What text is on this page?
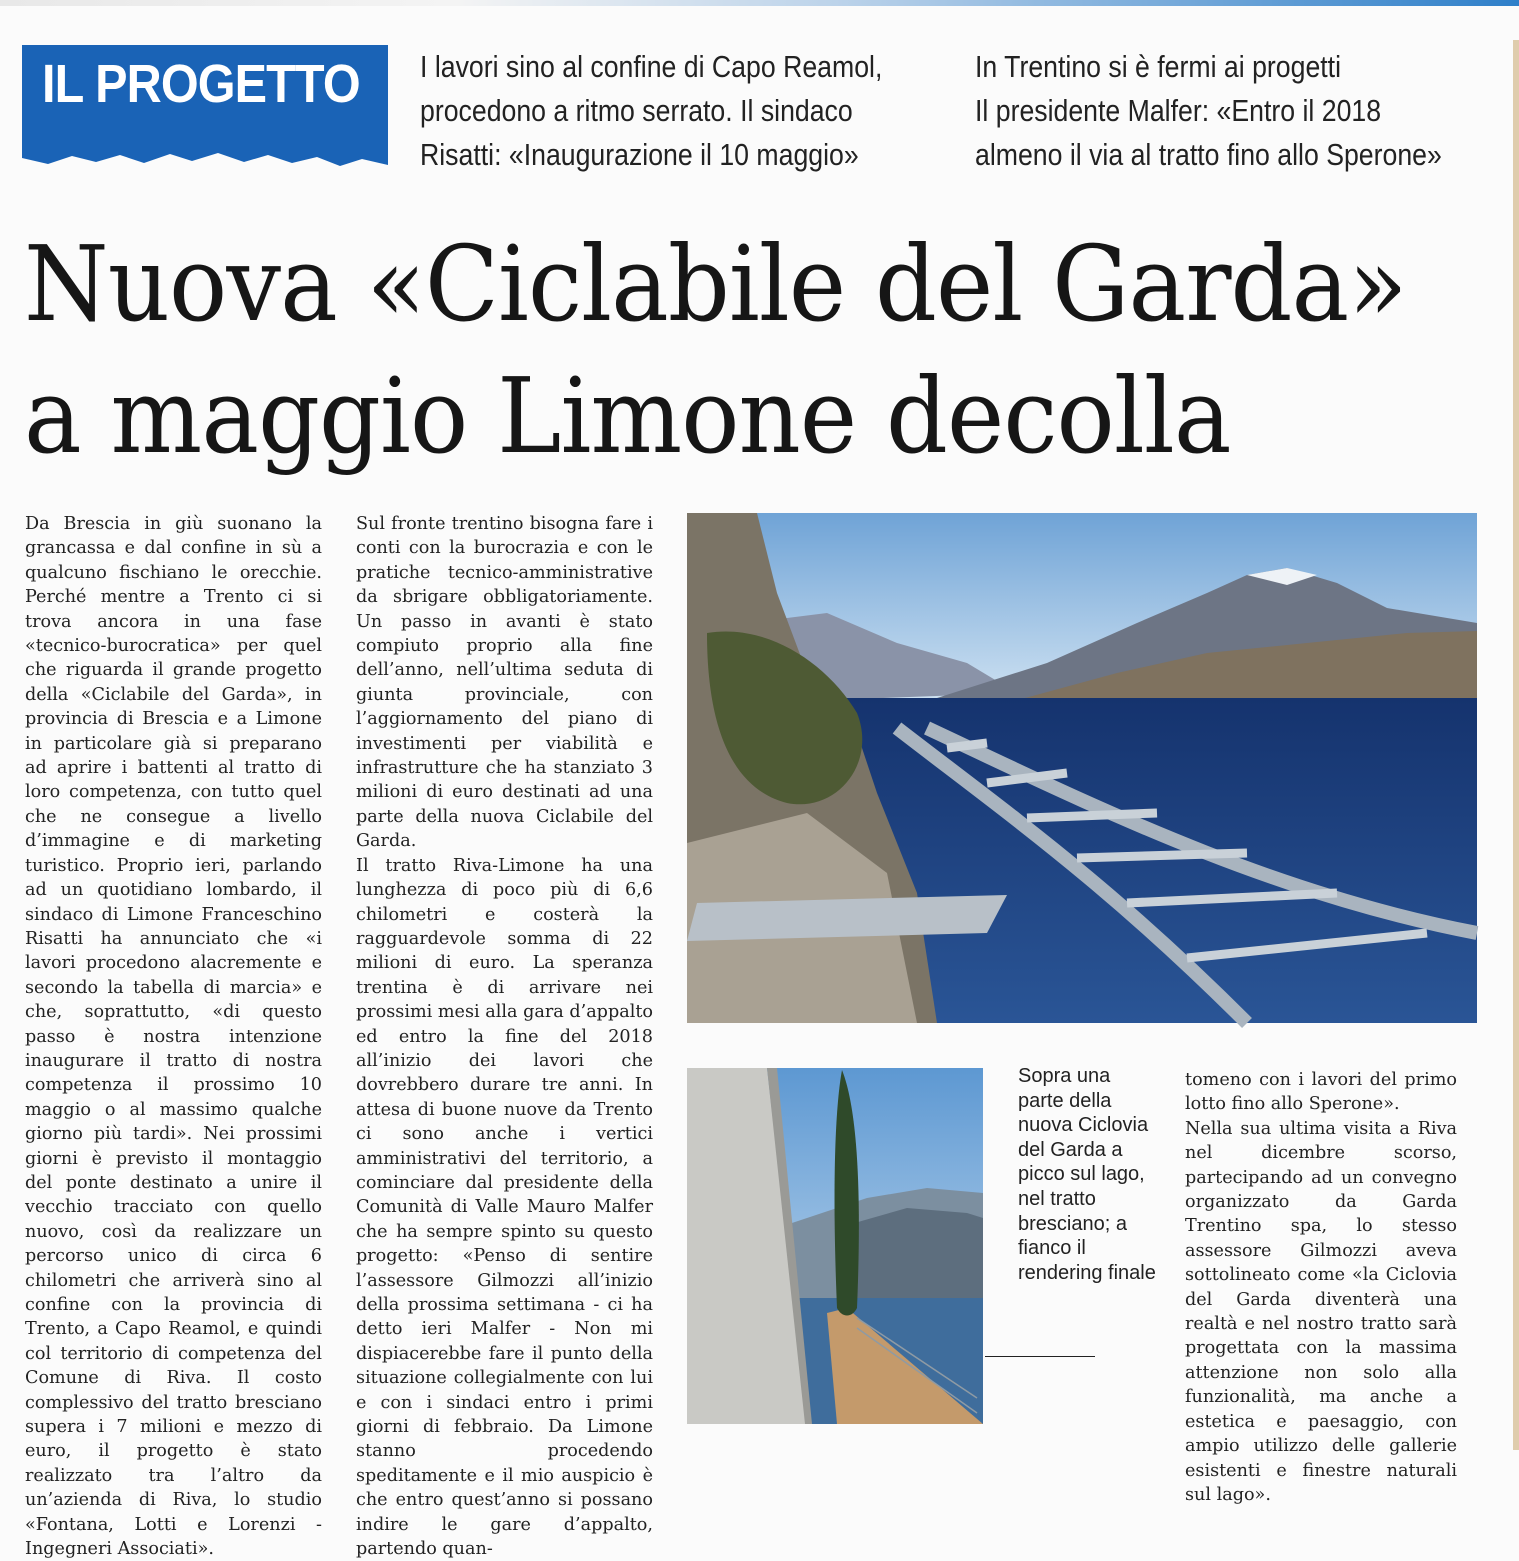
IL PROGETTO I lavori sino al confine di Capo Reamol,
procedono a ritmo serrato. Il sindaco
Risatti: «Inaugurazione il 10 maggio»
In Trentino si è fermi ai progetti
Il presidente Malfer: «Entro il 2018
almeno il via al tratto fino allo Sperone»
Nuova «Ciclabile del Garda»
a maggio Limone decolla

Da Brescia in giù suonano la grancassa e dal confine in sù a qualcuno fischiano le orecchie. Perché mentre a Trento ci si trova ancora in una fase «tecnico-burocratica» per quel che riguarda il grande progetto della «Ciclabile del Garda», in provincia di Brescia e a Limone in particolare già si preparano ad aprire i battenti al tratto di loro competenza, con tutto quel che ne consegue a livello d’immagine e di marketing turistico. Proprio ieri, parlando ad un quotidiano lombardo, il sindaco di Limone Franceschino Risatti ha annunciato che «i lavori procedono alacremente e secondo la tabella di marcia» e che, soprattutto, «di questo passo è nostra intenzione inaugurare il tratto di nostra competenza il prossimo 10 maggio o al massimo qualche giorno più tardi». Nei prossimi giorni è previsto il montaggio del ponte destinato a unire il vecchio tracciato con quello nuovo, così da realizzare un percorso unico di circa 6 chilometri che arriverà sino al confine con la provincia di Trento, a Capo Reamol, e quindi col territorio di competenza del Comune di Riva. Il costo complessivo del tratto bresciano supera i 7 milioni e mezzo di euro, il progetto è stato realizzato tra l’altro da un’azienda di Riva, lo studio «Fontana, Lotti e Lorenzi - Ingegneri Associati».

Sul fronte trentino bisogna fare i conti con la burocrazia e con le pratiche tecnico-amministrative da sbrigare obbligatoriamente. Un passo in avanti è stato compiuto proprio alla fine dell’anno, nell’ultima seduta di giunta provinciale, con l’aggiornamento del piano di investimenti per viabilità e infrastrutture che ha stanziato 3 milioni di euro destinati ad una parte della nuova Ciclabile del Garda.

Il tratto Riva-Limone ha una lunghezza di poco più di 6,6 chilometri e costerà la ragguardevole somma di 22 milioni di euro. La speranza trentina è di arrivare nei prossimi mesi alla gara d’appalto ed entro la fine del 2018 all’inizio dei lavori che dovrebbero durare tre anni. In attesa di buone nuove da Trento ci sono anche i vertici amministrativi del territorio, a cominciare dal presidente della Comunità di Valle Mauro Malfer che ha sempre spinto su questo progetto: «Penso di sentire l’assessore Gilmozzi all’inizio della prossima settimana - ci ha detto ieri Malfer - Non mi dispiacerebbe fare il punto della situazione collegialmente con lui e con i sindaci entro i primi giorni di febbraio. Da Limone stanno procedendo speditamente e il mio auspicio è che entro quest’anno si possano indire le gare d’appalto, partendo quan-

Sopra una parte della nuova Ciclovia del Garda a picco sul lago, nel tratto bresciano; a fianco il rendering finale

tomeno con i lavori del primo lotto fino allo Sperone».

Nella sua ultima visita a Riva nel dicembre scorso, partecipando ad un convegno organizzato da Garda Trentino spa, lo stesso assessore Gilmozzi aveva sottolineato come «la Ciclovia del Garda diventerà una realtà e nel nostro tratto sarà progettata con la massima attenzione non solo alla funzionalità, ma anche a estetica e paesaggio, con ampio utilizzo delle gallerie esistenti e finestre naturali sul lago».
